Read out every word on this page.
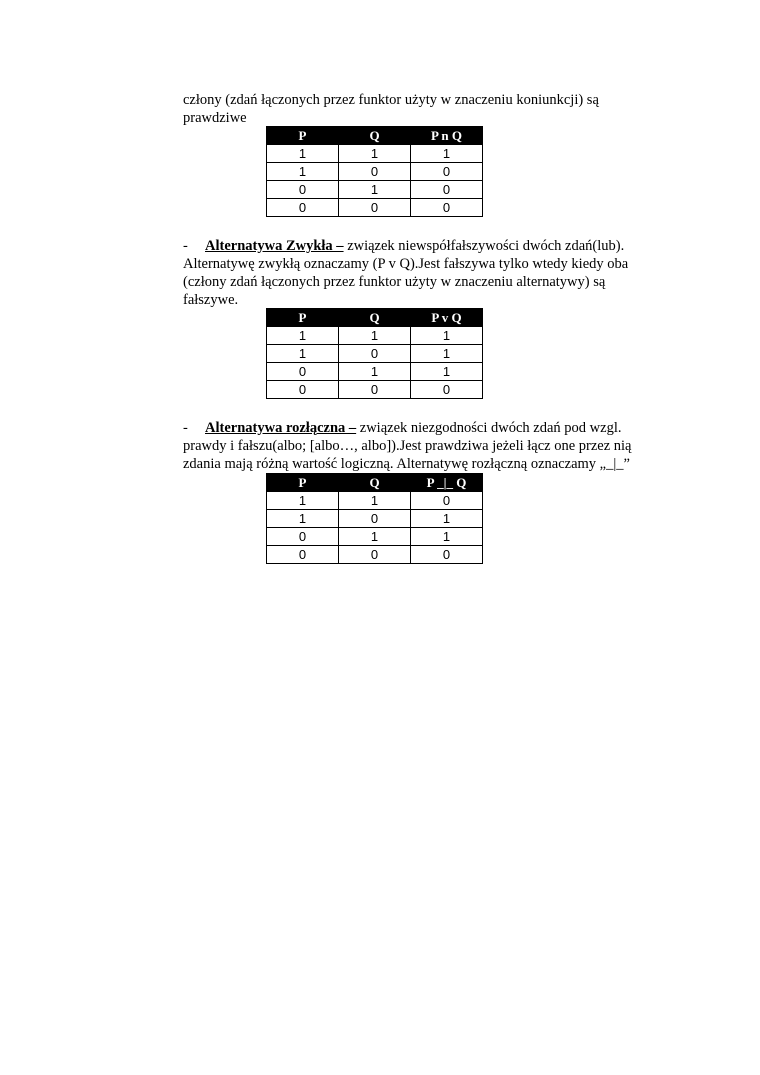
człony (zdań łączonych przez funktor użyty w znaczeniu koniunkcji) są
prawdziwe
P	Q	P n Q
1	1	1
1	0	0
0	1	0
0	0	0
- Alternatywa Zwykła – związek niewspółfałszywości dwóch zdań(lub).
Alternatywę zwykłą oznaczamy (P v Q).Jest fałszywa tylko wtedy kiedy oba
(człony zdań łączonych przez funktor użyty w znaczeniu alternatywy) są
fałszywe.
P	Q	P v Q
1	1	1
1	0	1
0	1	1
0	0	0
- Alternatywa rozłączna – związek niezgodności dwóch zdań pod wzgl.
prawdy i fałszu(albo; [albo…, albo]).Jest prawdziwa jeżeli łącz one przez nią
zdania mają różną wartość logiczną. Alternatywę rozłączną oznaczamy „_|_”
P	Q	P _|_ Q
1	1	0
1	0	1
0	1	1
0	0	0
